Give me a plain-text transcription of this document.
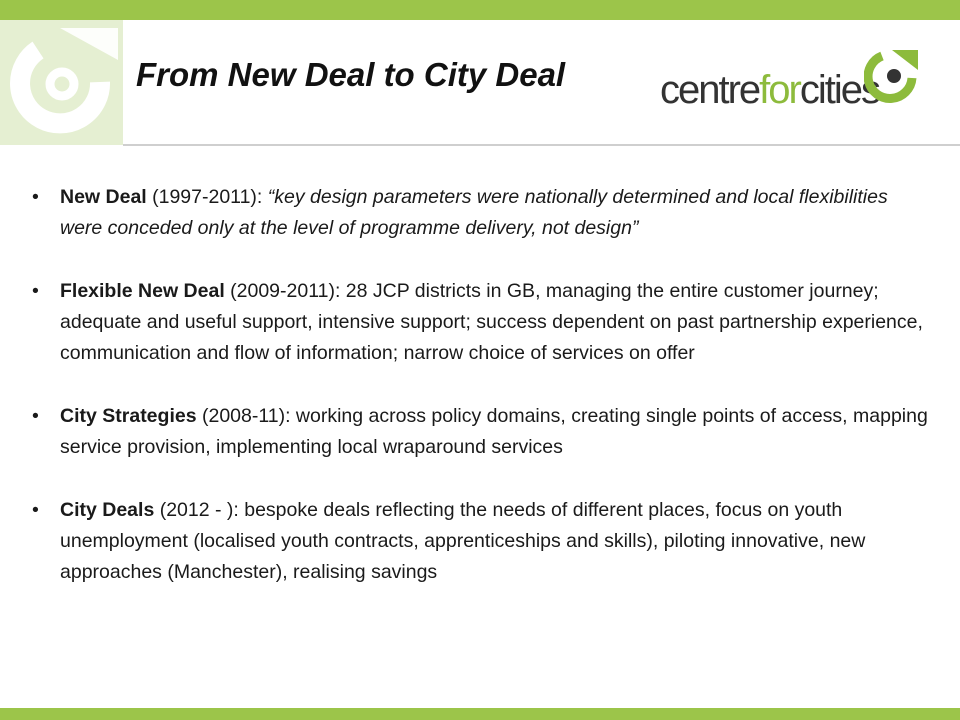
From New Deal to City Deal centreforcities
• New Deal (1997-2011): “key design parameters were nationally determined and local flexibilities were conceded only at the level of programme delivery, not design”
• Flexible New Deal (2009-2011): 28 JCP districts in GB, managing the entire customer journey; adequate and useful support, intensive support; success dependent on past partnership experience, communication and flow of information; narrow choice of services on offer
• City Strategies (2008-11): working across policy domains, creating single points of access, mapping service provision, implementing local wraparound services
• City Deals (2012 - ): bespoke deals reflecting the needs of different places, focus on youth unemployment (localised youth contracts, apprenticeships and skills), piloting innovative, new approaches (Manchester), realising savings
